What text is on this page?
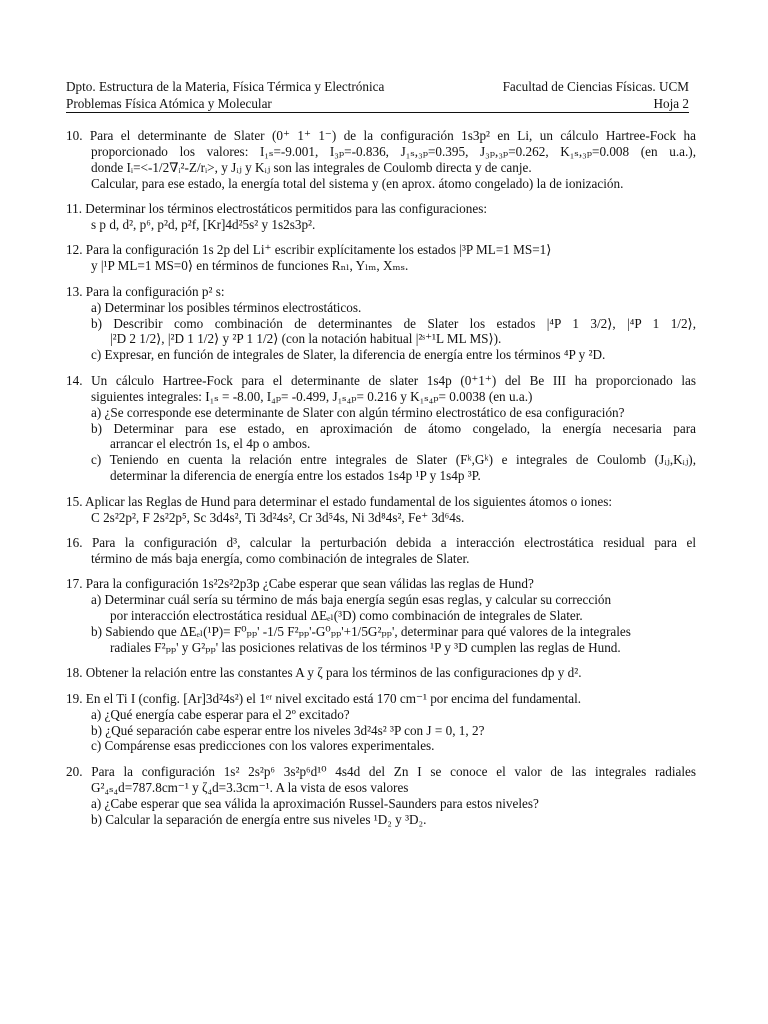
Dpto. Estructura de la Materia, Física Térmica y Electrónica	Facultad de Ciencias Físicas. UCM
Problemas Física Atómica y Molecular	Hoja 2
10. Para el determinante de Slater (0⁺ 1⁺ 1⁻) de la configuración 1s3p² en Li, un cálculo Hartree-Fock ha
proporcionado los valores: I₁ₛ=-9.001, I₃ₚ=-0.836, J₁ₛ,₃ₚ=0.395, J₃ₚ,₃ₚ=0.262, K₁ₛ,₃ₚ=0.008 (en u.a.),
donde Iᵢ=<-1/2∇ᵢ²-Z/rᵢ>, y Jᵢⱼ y Kᵢⱼ son las integrales de Coulomb directa y de canje.
Calcular, para ese estado, la energía total del sistema y (en aprox. átomo congelado) la de ionización.
11. Determinar los términos electrostáticos permitidos para las configuraciones:
s p d, d², p⁶, p²d, p²f, [Kr]4d²5s² y 1s2s3p².
12. Para la configuración 1s 2p del Li⁺ escribir explícitamente los estados |³P ML=1 MS=1⟩
y |¹P ML=1 MS=0⟩ en términos de funciones Rₙₗ, Yₗₘ, Xₘₛ.
13. Para la configuración p² s:
a) Determinar los posibles términos electrostáticos.
b) Describir como combinación de determinantes de Slater los estados |⁴P 1 3/2⟩, |⁴P 1 1/2⟩,
|²D 2 1/2⟩, |²D 1 1/2⟩ y ²P 1 1/2⟩ (con la notación habitual |²ˢ⁺¹L ML MS⟩).
c) Expresar, en función de integrales de Slater, la diferencia de energía entre los términos ⁴P y ²D.
14. Un cálculo Hartree-Fock para el determinante de slater 1s4p (0⁺1⁺) del Be III ha proporcionado las
siguientes integrales: I₁ₛ = -8.00, I₄ₚ= -0.499, J₁ₛ₄ₚ= 0.216 y K₁ₛ₄ₚ= 0.0038 (en u.a.)
a) ¿Se corresponde ese determinante de Slater con algún término electrostático de esa configuración?
b) Determinar para ese estado, en aproximación de átomo congelado, la energía necesaria para
arrancar el electrón 1s, el 4p o ambos.
c) Teniendo en cuenta la relación entre integrales de Slater (Fᵏ,Gᵏ) e integrales de Coulomb (Jᵢⱼ,Kᵢⱼ),
determinar la diferencia de energía entre los estados 1s4p ¹P y 1s4p ³P.
15. Aplicar las Reglas de Hund para determinar el estado fundamental de los siguientes átomos o iones:
C 2s²2p², F 2s²2p⁵, Sc 3d4s², Ti 3d²4s², Cr 3d⁵4s, Ni 3d⁸4s², Fe⁺ 3d⁶4s.
16. Para la configuración d³, calcular la perturbación debida a interacción electrostática residual para el
término de más baja energía, como combinación de integrales de Slater.
17. Para la configuración 1s²2s²2p3p ¿Cabe esperar que sean válidas las reglas de Hund?
a) Determinar cuál sería su término de más baja energía según esas reglas, y calcular su corrección
por interacción electrostática residual ΔEₑₗ(³D) como combinación de integrales de Slater.
b) Sabiendo que ΔEₑₗ(¹P)= F⁰ₚₚ' -1/5 F²ₚₚ'-G⁰ₚₚ'+1/5G²ₚₚ', determinar para qué valores de la integrales
radiales F²ₚₚ' y G²ₚₚ' las posiciones relativas de los términos ¹P y ³D cumplen las reglas de Hund.
18. Obtener la relación entre las constantes A y ζ para los términos de las configuraciones dp y d².
19. En el Ti I (config. [Ar]3d²4s²) el 1ᵉʳ nivel excitado está 170 cm⁻¹ por encima del fundamental.
a) ¿Qué energía cabe esperar para el 2º excitado?
b) ¿Qué separación cabe esperar entre los niveles 3d²4s² ³P con J = 0, 1, 2?
c) Compárense esas predicciones con los valores experimentales.
20. Para la configuración 1s² 2s²p⁶ 3s²p⁶d¹⁰ 4s4d del Zn I se conoce el valor de las integrales radiales
G²₄ₛ₄d=787.8cm⁻¹ y ζ₄d=3.3cm⁻¹. A la vista de esos valores
a) ¿Cabe esperar que sea válida la aproximación Russel-Saunders para estos niveles?
b) Calcular la separación de energía entre sus niveles ¹D₂ y ³D₂.
